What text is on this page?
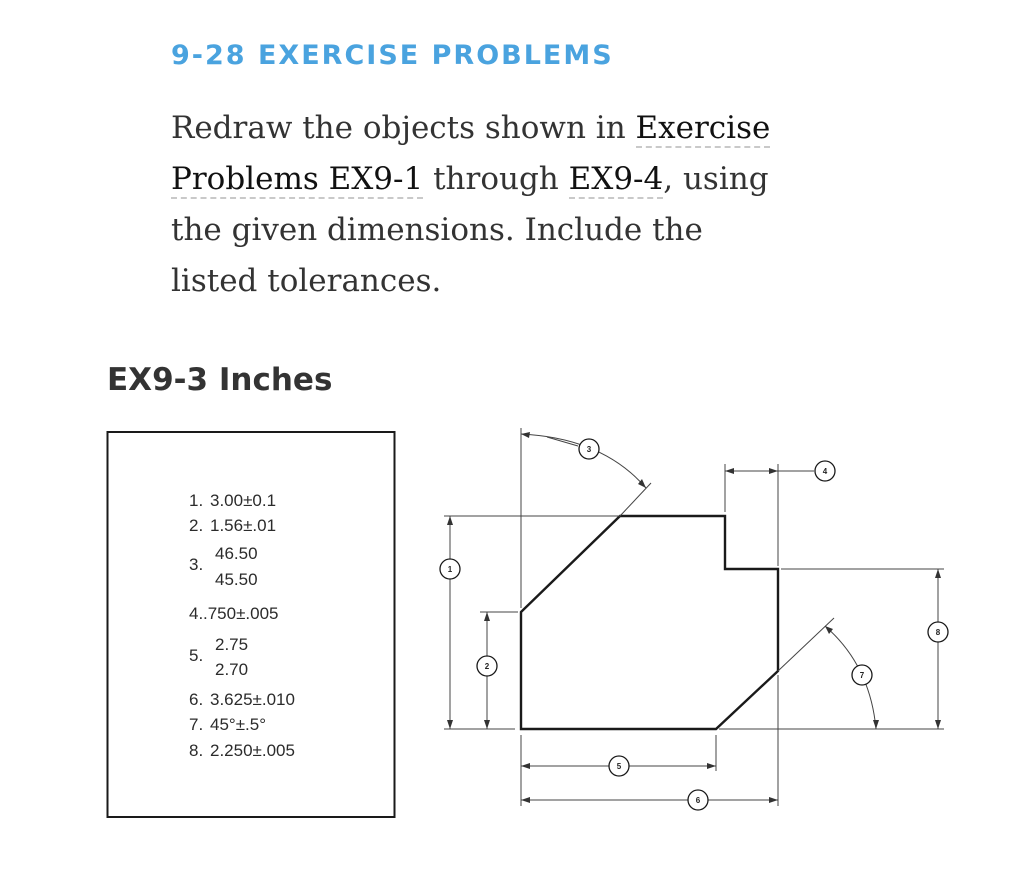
9-28 EXERCISE PROBLEMS

Redraw the objects shown in Exercise Problems EX9-1 through EX9-4, using the given dimensions. Include the listed tolerances.

EX9-3 Inches
1. 3.00±0.1
2. 1.56±.01
3.
46.50
45.50
4. .750±.005
5.
2.75
2.70
6. 3.625±.010
7. 45°±.5°
8. 2.250±.005
1
2
3
4
5
6
7
8
